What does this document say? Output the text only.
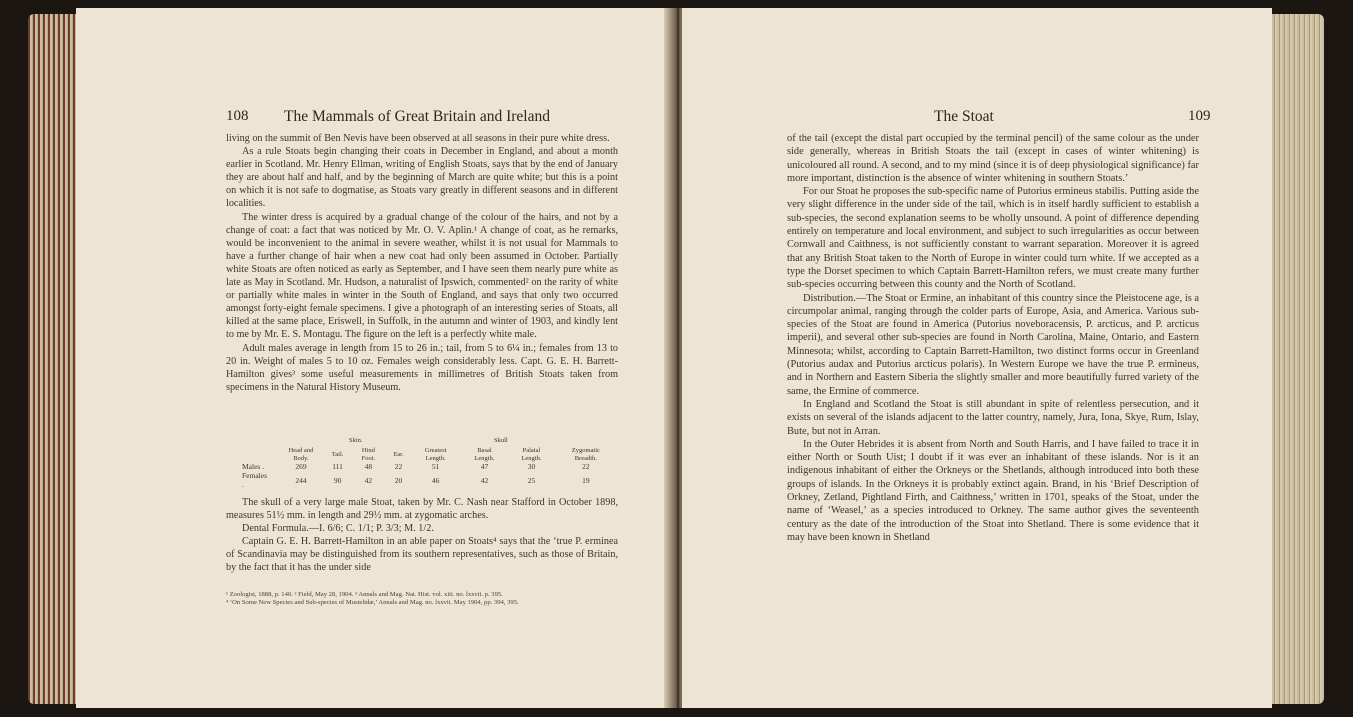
108 The Mammals of Great Britain and Ireland

living on the summit of Ben Nevis have been observed at all seasons in their pure white dress.

As a rule Stoats begin changing their coats in December in England, and about a month earlier in Scotland. Mr. Henry Ellman, writing of English Stoats, says that by the end of January they are about half and half, and by the beginning of March are quite white; but this is a point on which it is not safe to dogmatise, as Stoats vary greatly in different seasons and in different localities.

The winter dress is acquired by a gradual change of the colour of the hairs, and not by a change of coat: a fact that was noticed by Mr. O. V. Aplin.¹ A change of coat, as he remarks, would be inconvenient to the animal in severe weather, whilst it is not usual for Mammals to have a further change of hair when a new coat had only been assumed in October. Partially white Stoats are often noticed as early as September, and I have seen them nearly pure white as late as May in Scotland. Mr. Hudson, a naturalist of Ipswich, commented² on the rarity of white or partially white males in winter in the South of England, and says that only two occurred amongst forty-eight female specimens. I give a photograph of an interesting series of Stoats, all killed at the same place, Eriswell, in Suffolk, in the autumn and winter of 1903, and kindly lent to me by Mr. E. S. Montagu. The figure on the left is a perfectly white male.

Adult males average in length from 15 to 26 in.; tail, from 5 to 6¼ in.; females from 13 to 20 in. Weight of males 5 to 10 oz. Females weigh considerably less. Capt. G. E. H. Barrett-Hamilton gives³ some useful measurements in millimetres of British Stoats taken from specimens in the Natural History Museum.

Skin.	Skull
	Head and Body.	Tail.	Hind Foot.	Ear.	Greatest Length.	Basal Length.	Palatal Length.	Zygomatic Breadth.
Males .	269	111	48	22	51	47	30	22
Females .	244	90	42	20	46	42	25	19

The skull of a very large male Stoat, taken by Mr. C. Nash near Stafford in October 1898, measures 51½ mm. in length and 29½ mm. at zygomatic arches.

Dental Formula.—I. 6/6; C. 1/1; P. 3/3; M. 1/2.

Captain G. E. H. Barrett-Hamilton in an able paper on Stoats⁴ says that the ‘true P. erminea of Scandinavia may be distinguished from its southern representatives, such as those of Britain, by the fact that it has the under side

¹ Zoologist, 1888, p. 140. ² Field, May 28, 1904. ³ Annals and Mag. Nat. Hist. vol. xiii. no. lxxvii. p. 395.
⁴ ‘On Some New Species and Sub-species of Mustelidæ,’ Annals and Mag. no. lxxvii. May 1904, pp. 394, 395.
The Stoat	109

of the tail (except the distal part occupied by the terminal pencil) of the same colour as the under side generally, whereas in British Stoats the tail (except in cases of winter whitening) is unicoloured all round. A second, and to my mind (since it is of deep physiological significance) far more important, distinction is the absence of winter whitening in southern Stoats.’

For our Stoat he proposes the sub-specific name of Putorius ermineus stabilis. Putting aside the very slight difference in the under side of the tail, which is in itself hardly sufficient to establish a sub-species, the second explanation seems to be wholly unsound. A point of difference depending entirely on temperature and local environment, and subject to such irregularities as occur between Cornwall and Caithness, is not sufficiently constant to warrant separation. Moreover it is agreed that any British Stoat taken to the North of Europe in winter could turn white. If we accepted as a type the Dorset specimen to which Captain Barrett-Hamilton refers, we must create many further sub-species occurring between this county and the North of Scotland.

Distribution.—The Stoat or Ermine, an inhabitant of this country since the Pleistocene age, is a circumpolar animal, ranging through the colder parts of Europe, Asia, and America. Various sub-species of the Stoat are found in America (Putorius noveboracensis, P. arcticus, and P. arcticus imperii), and several other sub-species are found in North Carolina, Maine, Ontario, and Eastern Minnesota; whilst, according to Captain Barrett-Hamilton, two distinct forms occur in Greenland (Putorius audax and Putorius arcticus polaris). In Western Europe we have the true P. ermineus, and in Northern and Eastern Siberia the slightly smaller and more beautifully furred variety of the same, the Ermine of commerce.

In England and Scotland the Stoat is still abundant in spite of relentless persecution, and it exists on several of the islands adjacent to the latter country, namely, Jura, Iona, Skye, Rum, Islay, Bute, but not in Arran.

In the Outer Hebrides it is absent from North and South Harris, and I have failed to trace it in either North or South Uist; I doubt if it was ever an inhabitant of these islands. Nor is it an indigenous inhabitant of either the Orkneys or the Shetlands, although introduced into both these groups of islands. In the Orkneys it is probably extinct again. Brand, in his ‘Brief Description of Orkney, Zetland, Pightland Firth, and Caithness,’ written in 1701, speaks of the Stoat, under the name of ‘Weasel,’ as a species introduced to Orkney. The same author gives the seventeenth century as the date of the introduction of the Stoat into Shetland. There is some evidence that it may have been known in Shetland
